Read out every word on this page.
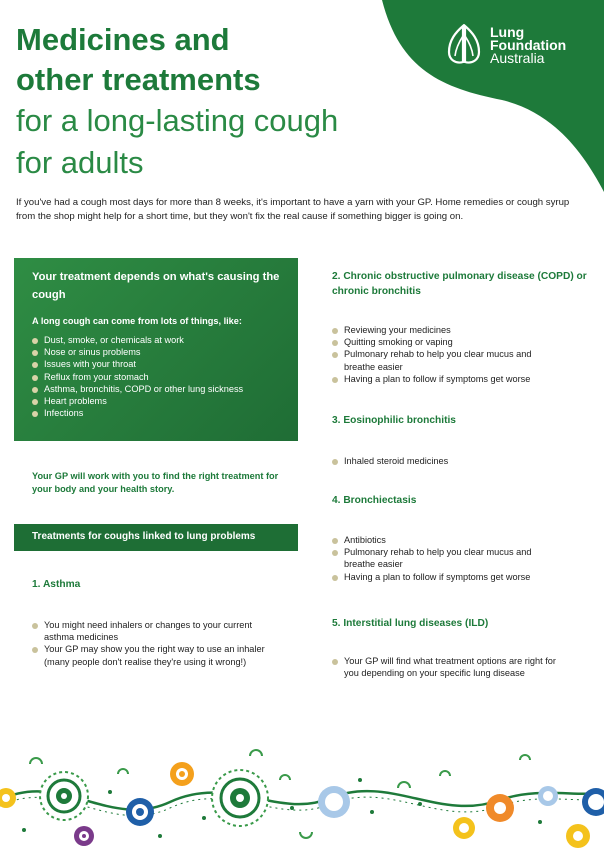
Lung
Foundation
Australia
Medicines and
other treatments
for a long-lasting cough
for adults
If you've had a cough most days for more than 8 weeks, it's important to have a yarn with your GP. Home remedies or cough syrup from the shop might help for a short time, but they won't fix the real cause if something bigger is going on.
Your treatment depends on what's causing the cough
A long cough can come from lots of things, like:
Dust, smoke, or chemicals at work
Nose or sinus problems
Issues with your throat
Reflux from your stomach
Asthma, bronchitis, COPD or other lung sickness
Heart problems
Infections
Your GP will work with you to find the right treatment for your body and your health story.
Treatments for coughs linked to lung problems
1. Asthma
You might need inhalers or changes to your current asthma medicines
Your GP may show you the right way to use an inhaler (many people don't realise they're using it wrong!)
2. Chronic obstructive pulmonary disease (COPD) or chronic bronchitis
Reviewing your medicines
Quitting smoking or vaping
Pulmonary rehab to help you clear mucus and breathe easier
Having a plan to follow if symptoms get worse
3. Eosinophilic bronchitis
Inhaled steroid medicines
4. Bronchiectasis
Antibiotics
Pulmonary rehab to help you clear mucus and breathe easier
Having a plan to follow if symptoms get worse
5. Interstitial lung diseases (ILD)
Your GP will find what treatment options are right for you depending on your specific lung disease
